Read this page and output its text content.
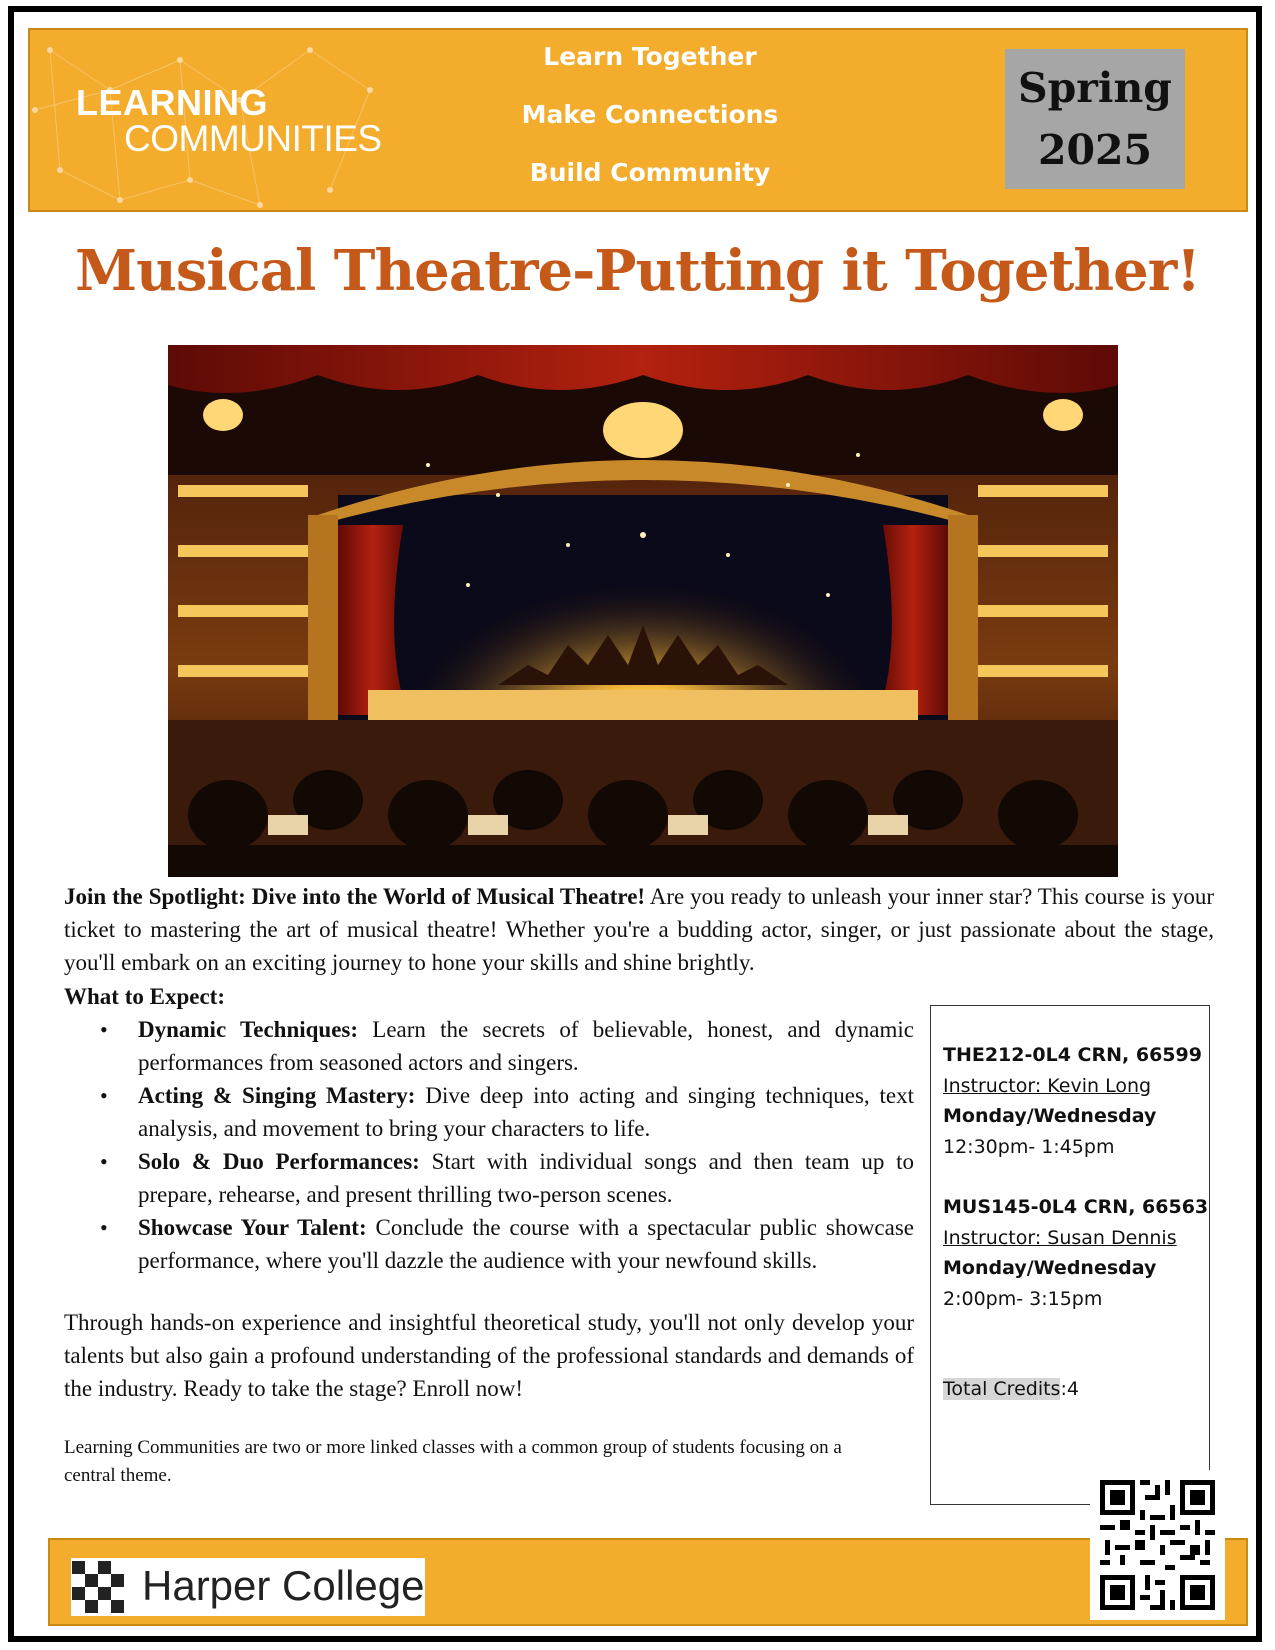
LEARNING
COMMUNITIES
Learn Together
Make Connections
Build Community
Spring
2025
Musical Theatre-Putting it Together!
Join the Spotlight: Dive into the World of Musical Theatre! Are you ready to unleash your inner star? This course is your ticket to mastering the art of musical theatre! Whether you're a budding actor, singer, or just passionate about the stage, you'll embark on an exciting journey to hone your skills and shine brightly.
What to Expect:
• Dynamic Techniques: Learn the secrets of believable, honest, and dynamic performances from seasoned actors and singers.
• Acting & Singing Mastery: Dive deep into acting and singing techniques, text analysis, and movement to bring your characters to life.
• Solo & Duo Performances: Start with individual songs and then team up to prepare, rehearse, and present thrilling two-person scenes.
• Showcase Your Talent: Conclude the course with a spectacular public showcase performance, where you'll dazzle the audience with your newfound skills.
Through hands-on experience and insightful theoretical study, you'll not only develop your talents but also gain a profound understanding of the professional standards and demands of the industry. Ready to take the stage? Enroll now!
Learning Communities are two or more linked classes with a common group of students focusing on a central theme.
THE212-0L4 CRN, 66599
Instructor: Kevin Long
Monday/Wednesday
12:30pm- 1:45pm
MUS145-0L4 CRN, 66563
Instructor: Susan Dennis
Monday/Wednesday
2:00pm- 3:15pm
Total Credits:4
Harper College
